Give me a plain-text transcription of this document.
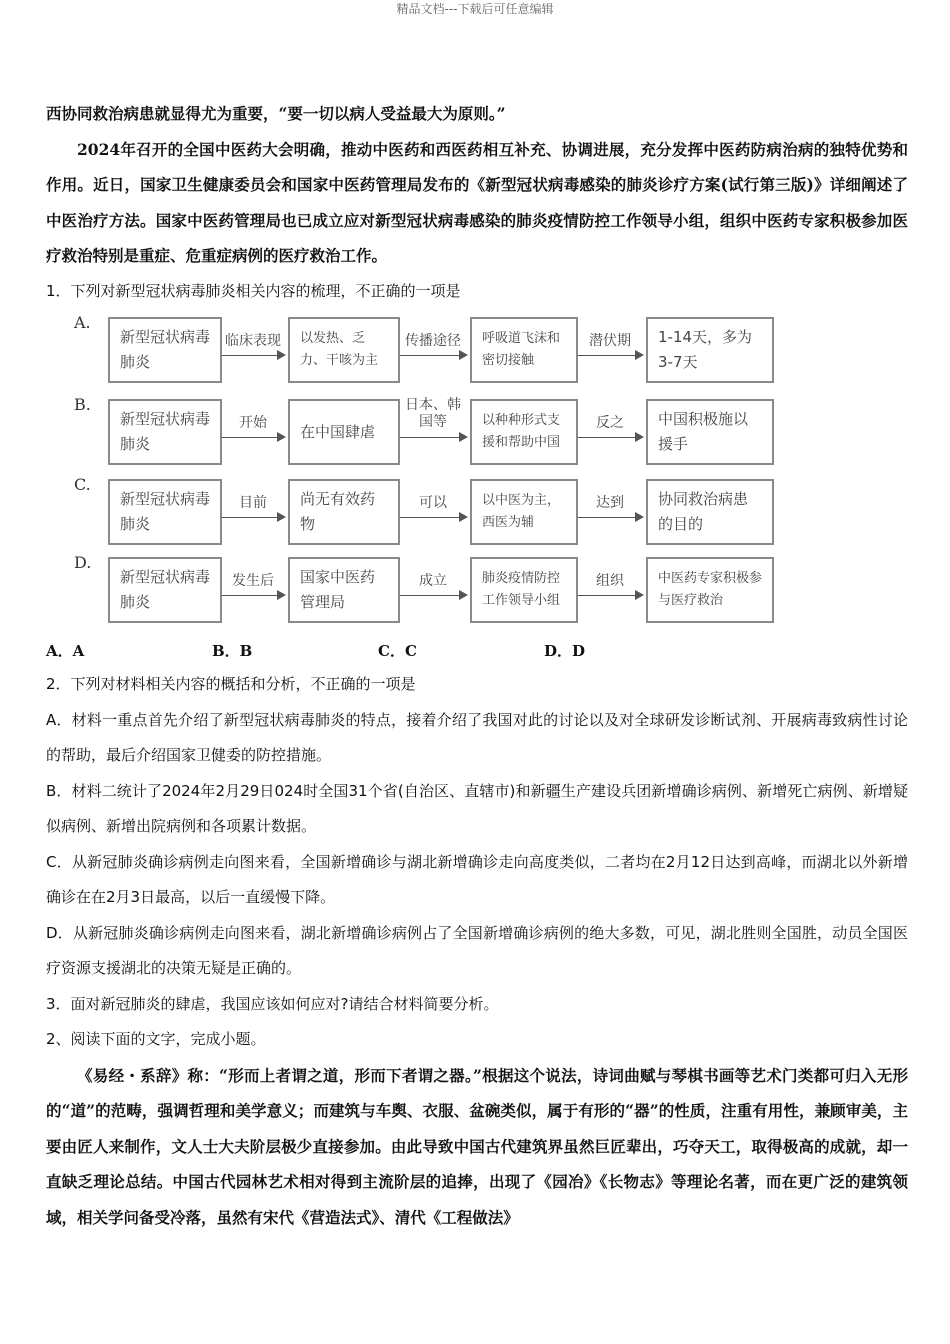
精品文档---下载后可任意编辑

西协同救治病患就显得尤为重要，“要一切以病人受益最大为原则。”

2024年召开的全国中医药大会明确，推动中医药和西医药相互补充、协调进展，充分发挥中医药防病治病的独特优势和作用。近日，国家卫生健康委员会和国家中医药管理局发布的《新型冠状病毒感染的肺炎诊疗方案(试行第三版)》详细阐述了中医治疗方法。国家中医药管理局也已成立应对新型冠状病毒感染的肺炎疫情防控工作领导小组，组织中医药专家积极参加医疗救治特别是重症、危重症病例的医疗救治工作。

1．下列对新型冠状病毒肺炎相关内容的梳理，不正确的一项是

A.
新型冠状病毒肺炎
临床表现	以发热、乏力、干咳为主
传播途径	呼吸道飞沫和密切接触
潜伏期	1-14天，多为3-7天
B.
新型冠状病毒肺炎
开始	在中国肆虐
日本、韩国等	以种种形式支援和帮助中国
反之	中国积极施以援手
C.
新型冠状病毒肺炎
目前	尚无有效药物
可以	以中医为主，西医为辅
达到	协同救治病患的目的
D.
新型冠状病毒肺炎
发生后	国家中医药管理局
成立	肺炎疫情防控工作领导小组
组织	中医药专家积极参与医疗救治
A．A	B．B	C．C	D．D

2．下列对材料相关内容的概括和分析，不正确的一项是

A．材料一重点首先介绍了新型冠状病毒肺炎的特点，接着介绍了我国对此的讨论以及对全球研发诊断试剂、开展病毒致病性讨论的帮助，最后介绍国家卫健委的防控措施。

B．材料二统计了2024年2月29日024时全国31个省(自治区、直辖市)和新疆生产建设兵团新增确诊病例、新增死亡病例、新增疑似病例、新增出院病例和各项累计数据。

C．从新冠肺炎确诊病例走向图来看，全国新增确诊与湖北新增确诊走向高度类似，二者均在2月12日达到高峰，而湖北以外新增确诊在在2月3日最高，以后一直缓慢下降。

D．从新冠肺炎确诊病例走向图来看，湖北新增确诊病例占了全国新增确诊病例的绝大多数，可见，湖北胜则全国胜，动员全国医疗资源支援湖北的决策无疑是正确的。

3．面对新冠肺炎的肆虐，我国应该如何应对?请结合材料简要分析。

2、阅读下面的文字，完成小题。

《易经・系辞》称：“形而上者谓之道，形而下者谓之器。”根据这个说法，诗词曲赋与琴棋书画等艺术门类都可归入无形的“道”的范畴，强调哲理和美学意义；而建筑与车舆、衣服、盆碗类似，属于有形的“器”的性质，注重有用性，兼顾审美，主要由匠人来制作，文人士大夫阶层极少直接参加。由此导致中国古代建筑界虽然巨匠辈出，巧夺天工，取得极高的成就，却一直缺乏理论总结。中国古代园林艺术相对得到主流阶层的追捧，出现了《园冶》《长物志》等理论名著，而在更广泛的建筑领域，相关学问备受冷落，虽然有宋代《营造法式》、清代《工程做法》
